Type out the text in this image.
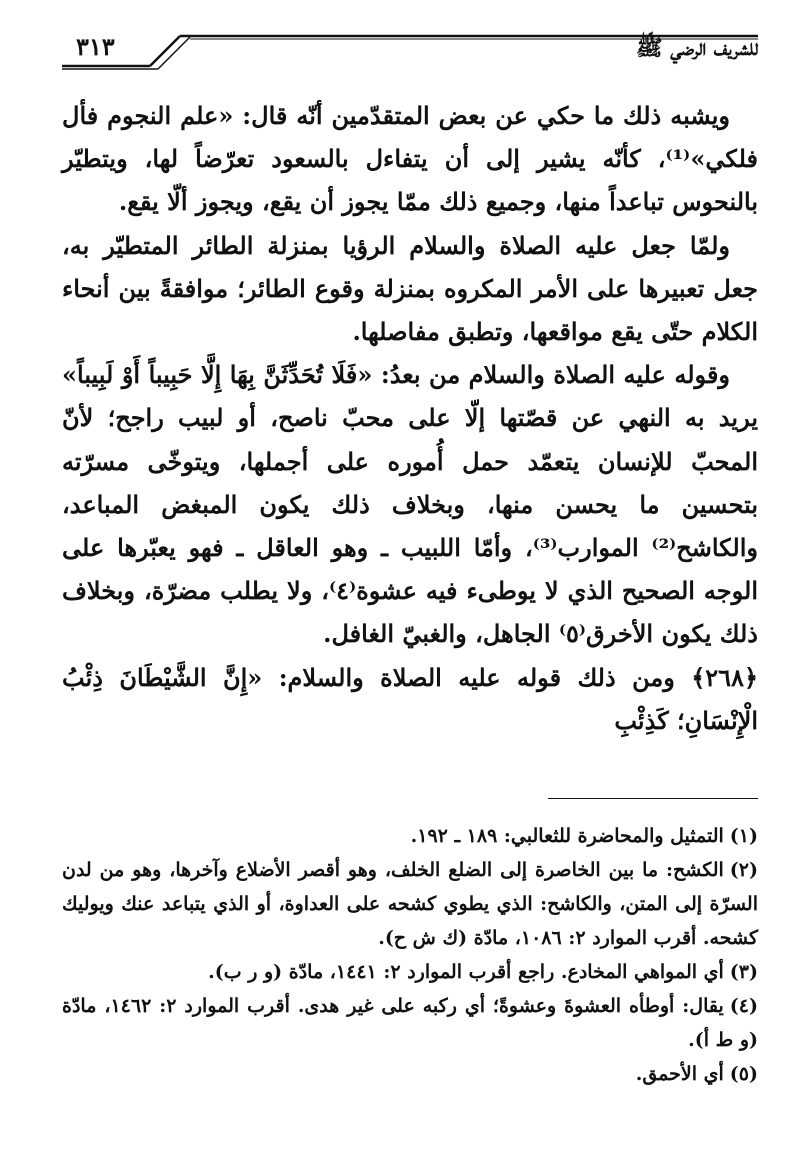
للشريف الرضي ﷺ
٣١٣

ويشبه ذلك ما حكي عن بعض المتقدّمين أنّه قال: «علم النجوم فأل فلكي»⁽¹⁾، كأنّه يشير إلى أن يتفاءل بالسعود تعرّضاً لها، ويتطيّر بالنحوس تباعداً منها، وجميع ذلك ممّا يجوز أن يقع، ويجوز ألّا يقع.

ولمّا جعل عليه الصلاة والسلام الرؤيا بمنزلة الطائر المتطيّر به، جعل تعبيرها على الأمر المكروه بمنزلة وقوع الطائر؛ موافقةً بين أنحاء الكلام حتّى يقع مواقعها، وتطبق مفاصلها.

وقوله عليه الصلاة والسلام من بعدُ: «فَلَا تُحَدِّثَنَّ بِهَا إِلَّا حَبِيباً أَوْ لَبِيباً» يريد به النهي عن قصّتها إلّا على محبّ ناصح، أو لبيب راجح؛ لأنّ المحبّ للإنسان يتعمّد حمل أُموره على أجملها، ويتوخّى مسرّته بتحسين ما يحسن منها، وبخلاف ذلك يكون المبغض المباعد، والكاشح⁽²⁾ الموارب⁽³⁾، وأمّا اللبيب ـ وهو العاقل ـ فهو يعبّرها على الوجه الصحيح الذي لا يوطىء فيه عشوة⁽٤⁾، ولا يطلب مضرّة، وبخلاف ذلك يكون الأخرق⁽٥⁾ الجاهل، والغبيّ الغافل.

﴿٢٦٨﴾ ومن ذلك قوله عليه الصلاة والسلام: «إِنَّ الشَّيْطَانَ ذِئْبُ الْإِنْسَانِ؛ كَذِئْبِ

(١)التمثيل والمحاضرة للثعالبي: ١٨٩ ـ ١٩٢.

(٢)الكشح: ما بين الخاصرة إلى الضلع الخلف، وهو أقصر الأضلاع وآخرها، وهو من لدن السرّة إلى المتن، والكاشح: الذي يطوي كشحه على العداوة، أو الذي يتباعد عنك ويوليك كشحه. أقرب الموارد ٢: ١٠٨٦، مادّة (ك ش ح).

(٣)أي المواهي المخادع. راجع أقرب الموارد ٢: ١٤٤١، مادّة (و ر ب).

(٤)يقال: أوطأه العشوةَ وعشوةً؛ أي ركبه على غير هدى. أقرب الموارد ٢: ١٤٦٢، مادّة (و ط أ).

(٥)أي الأحمق.
